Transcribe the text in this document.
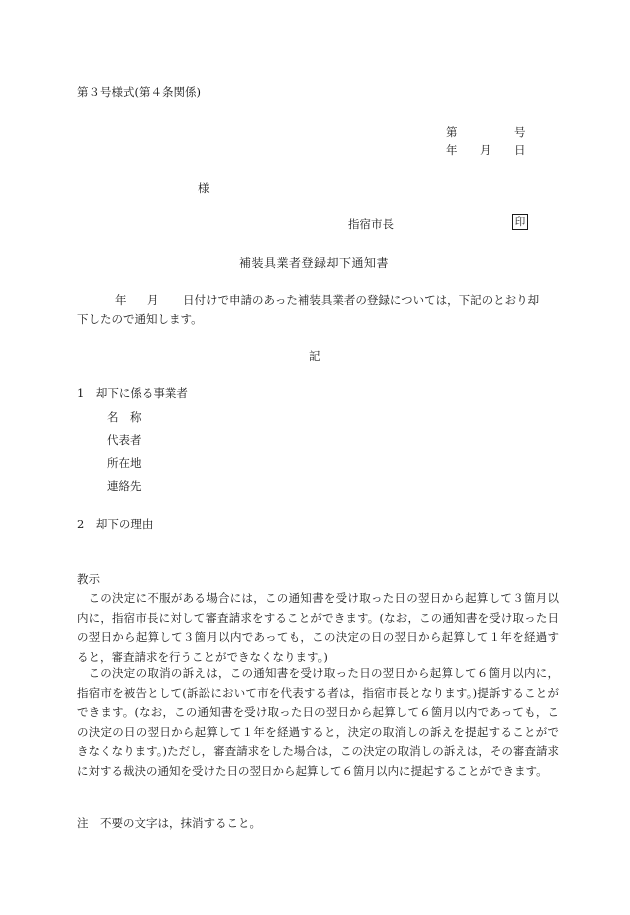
第３号様式(第４条関係)
第	号
年 月 日
様
指宿市長	印
補装具業者登録却下通知書
年 月 日付けで申請のあった補装具業者の登録については，下記のとおり却
下したので通知します。
記
1　却下に係る事業者
名　称
代表者
所在地
連絡先
2　却下の理由
教示
この決定に不服がある場合には，この通知書を受け取った日の翌日から起算して３箇月以内に，指宿市長に対して審査請求をすることができます。(なお，この通知書を受け取った日の翌日から起算して３箇月以内であっても，この決定の日の翌日から起算して１年を経過すると，審査請求を行うことができなくなります。)
この決定の取消の訴えは，この通知書を受け取った日の翌日から起算して６箇月以内に，指宿市を被告として(訴訟において市を代表する者は，指宿市長となります。)提訴することができます。(なお，この通知書を受け取った日の翌日から起算して６箇月以内であっても，この決定の日の翌日から起算して１年を経過すると，決定の取消しの訴えを提起することができなくなります。)ただし，審査請求をした場合は，この決定の取消しの訴えは，その審査請求に対する裁決の通知を受けた日の翌日から起算して６箇月以内に提起することができます。
注　不要の文字は，抹消すること。
